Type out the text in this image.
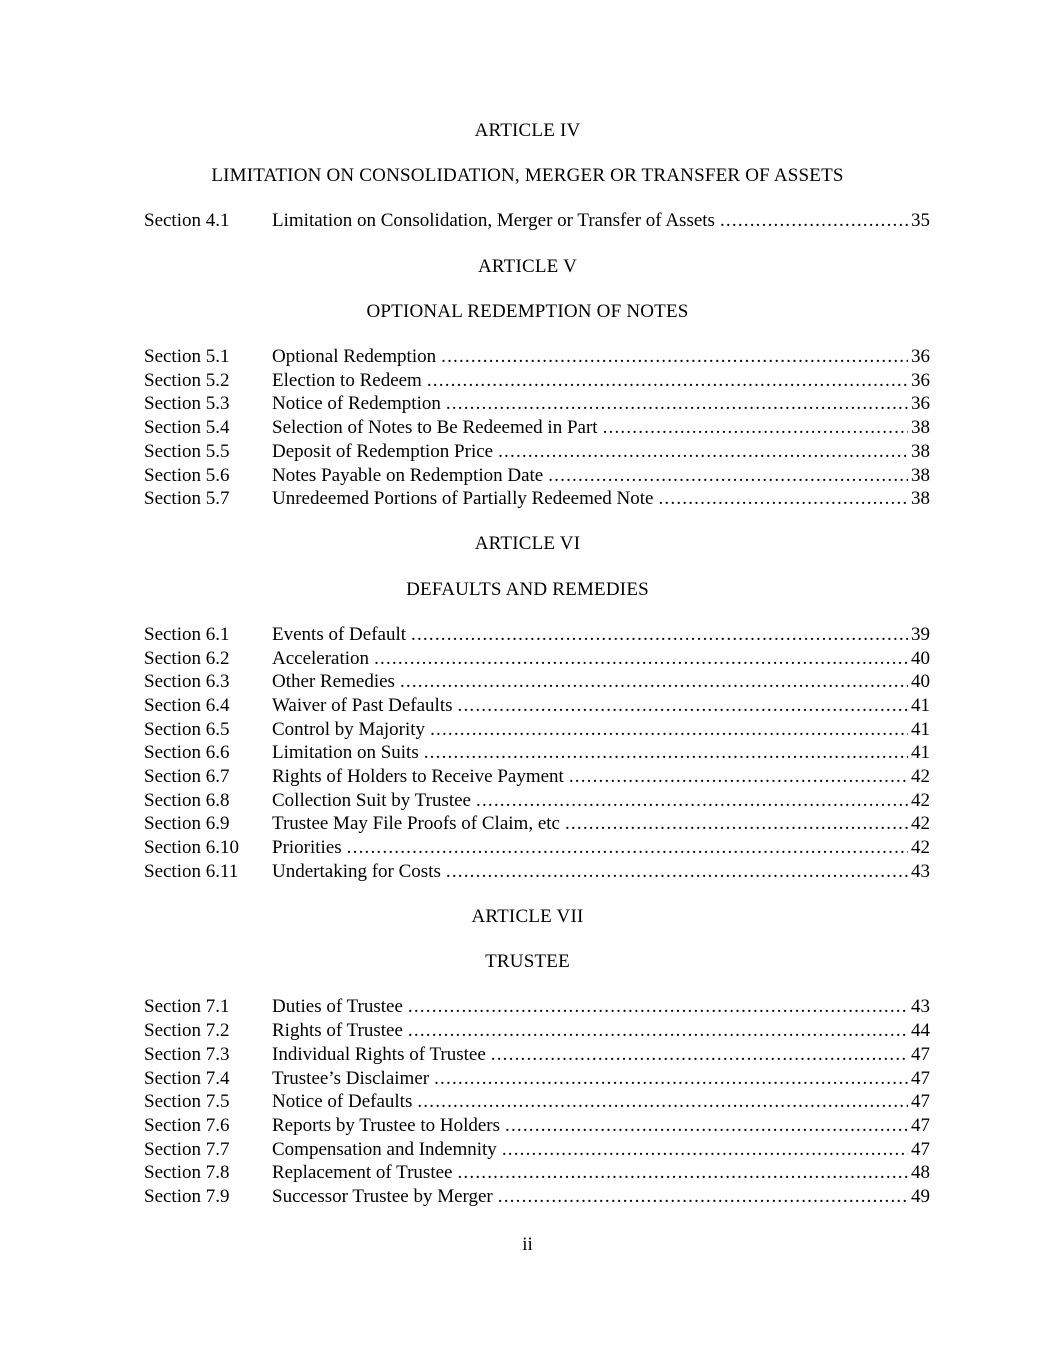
ARTICLE IV
LIMITATION ON CONSOLIDATION, MERGER OR TRANSFER OF ASSETS
Section 4.1	Limitation on Consolidation, Merger or Transfer of Assets .....	35
ARTICLE V
OPTIONAL REDEMPTION OF NOTES
Section 5.1	Optional Redemption .....	36
Section 5.2	Election to Redeem .....	36
Section 5.3	Notice of Redemption .....	36
Section 5.4	Selection of Notes to Be Redeemed in Part .....	38
Section 5.5	Deposit of Redemption Price .....	38
Section 5.6	Notes Payable on Redemption Date .....	38
Section 5.7	Unredeemed Portions of Partially Redeemed Note .....	38
ARTICLE VI
DEFAULTS AND REMEDIES
Section 6.1	Events of Default .....	39
Section 6.2	Acceleration .....	40
Section 6.3	Other Remedies .....	40
Section 6.4	Waiver of Past Defaults .....	41
Section 6.5	Control by Majority .....	41
Section 6.6	Limitation on Suits .....	41
Section 6.7	Rights of Holders to Receive Payment .....	42
Section 6.8	Collection Suit by Trustee .....	42
Section 6.9	Trustee May File Proofs of Claim, etc .....	42
Section 6.10	Priorities .....	42
Section 6.11	Undertaking for Costs .....	43
ARTICLE VII
TRUSTEE
Section 7.1	Duties of Trustee .....	43
Section 7.2	Rights of Trustee .....	44
Section 7.3	Individual Rights of Trustee .....	47
Section 7.4	Trustee’s Disclaimer .....	47
Section 7.5	Notice of Defaults .....	47
Section 7.6	Reports by Trustee to Holders .....	47
Section 7.7	Compensation and Indemnity .....	47
Section 7.8	Replacement of Trustee .....	48
Section 7.9	Successor Trustee by Merger .....	49
ii
